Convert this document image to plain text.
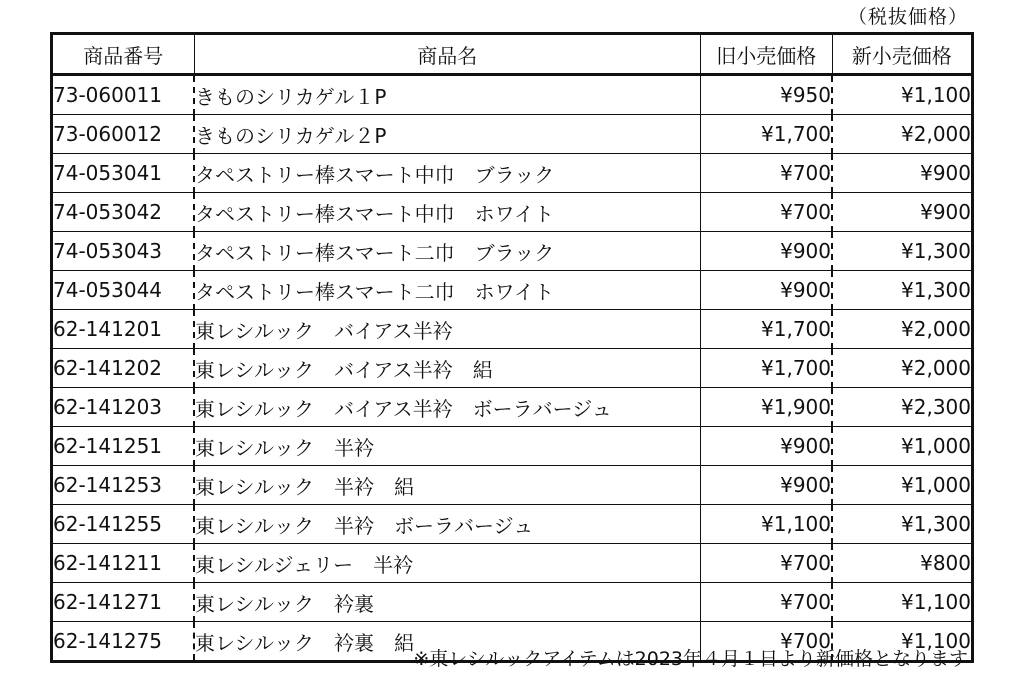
（税抜価格）
商品番号	商品名	旧小売価格	新小売価格
73-060011	きものシリカゲル１P	¥950	¥1,100
73-060012	きものシリカゲル２P	¥1,700	¥2,000
74-053041	タペストリー棒スマート中巾　ブラック	¥700	¥900
74-053042	タペストリー棒スマート中巾　ホワイト	¥700	¥900
74-053043	タペストリー棒スマート二巾　ブラック	¥900	¥1,300
74-053044	タペストリー棒スマート二巾　ホワイト	¥900	¥1,300
62-141201	東レシルック　バイアス半衿	¥1,700	¥2,000
62-141202	東レシルック　バイアス半衿　絽	¥1,700	¥2,000
62-141203	東レシルック　バイアス半衿　ボーラバージュ	¥1,900	¥2,300
62-141251	東レシルック　半衿	¥900	¥1,000
62-141253	東レシルック　半衿　絽	¥900	¥1,000
62-141255	東レシルック　半衿　ボーラバージュ	¥1,100	¥1,300
62-141211	東レシルジェリー　半衿	¥700	¥800
62-141271	東レシルック　衿裏	¥700	¥1,100
62-141275	東レシルック　衿裏　絽	¥700	¥1,100
※東レシルックアイテムは2023年４月１日より新価格となります
